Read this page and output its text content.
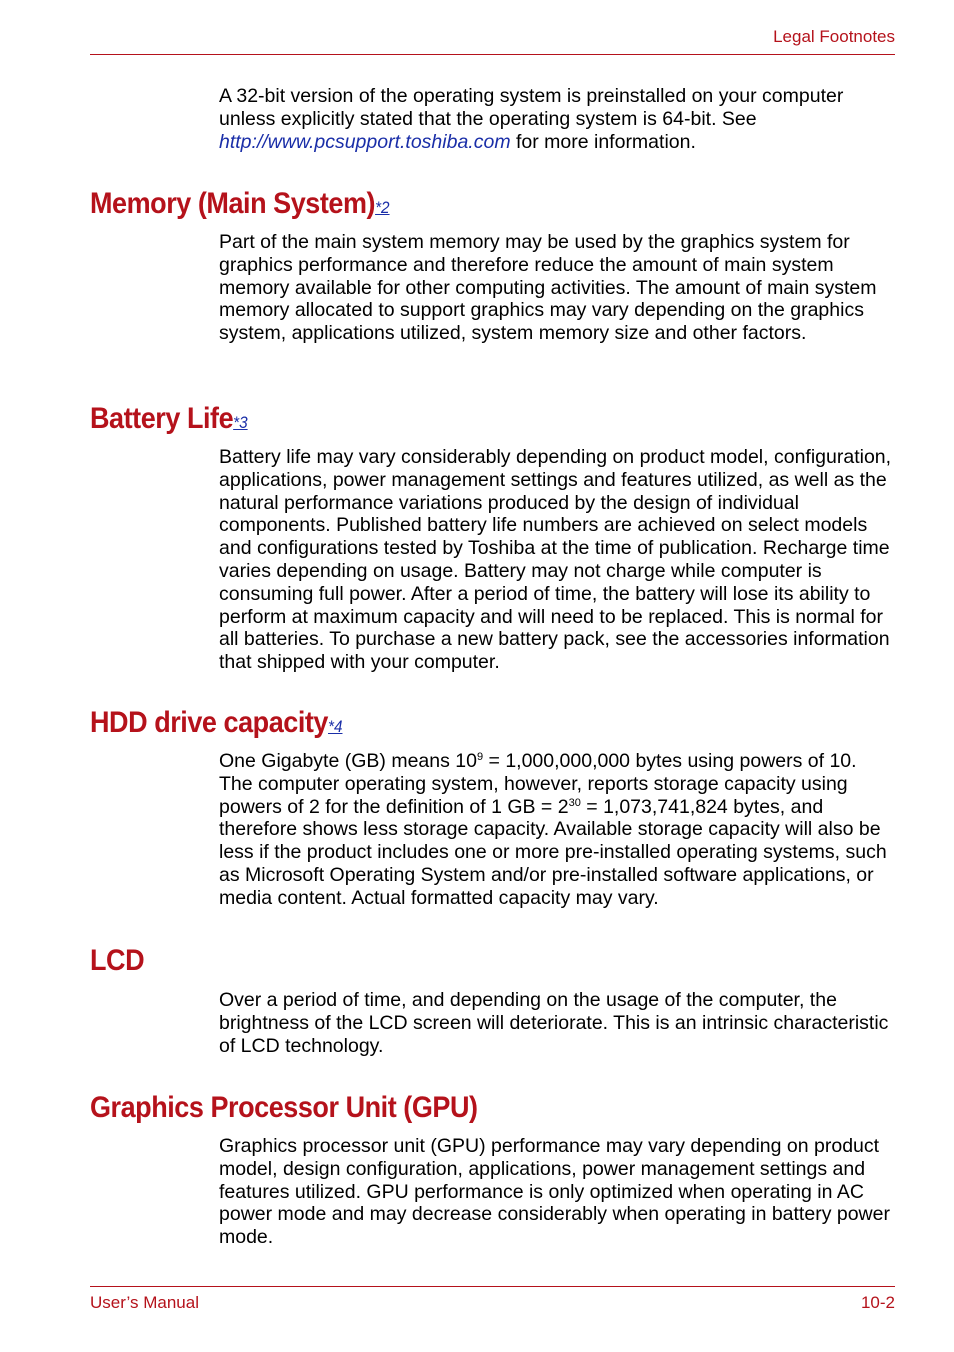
Legal Footnotes

A 32-bit version of the operating system is preinstalled on your computer unless explicitly stated that the operating system is 64-bit. See http://www.pcsupport.toshiba.com for more information.

Memory (Main System)*2

Part of the main system memory may be used by the graphics system for graphics performance and therefore reduce the amount of main system memory available for other computing activities. The amount of main system memory allocated to support graphics may vary depending on the graphics system, applications utilized, system memory size and other factors.

Battery Life*3

Battery life may vary considerably depending on product model, configuration, applications, power management settings and features utilized, as well as the natural performance variations produced by the design of individual components. Published battery life numbers are achieved on select models and configurations tested by Toshiba at the time of publication. Recharge time varies depending on usage. Battery may not charge while computer is consuming full power. After a period of time, the battery will lose its ability to perform at maximum capacity and will need to be replaced. This is normal for all batteries. To purchase a new battery pack, see the accessories information that shipped with your computer.

HDD drive capacity*4

One Gigabyte (GB) means $10^9 = 1,000,000,000$ bytes using powers of 10. The computer operating system, however, reports storage capacity using powers of 2 for the definition of 1 GB = $2^{30} = 1,073,741,824$ bytes, and therefore shows less storage capacity. Available storage capacity will also be less if the product includes one or more pre-installed operating systems, such as Microsoft Operating System and/or pre-installed software applications, or media content. Actual formatted capacity may vary.

LCD

Over a period of time, and depending on the usage of the computer, the brightness of the LCD screen will deteriorate. This is an intrinsic characteristic of LCD technology.

Graphics Processor Unit (GPU)

Graphics processor unit (GPU) performance may vary depending on product model, design configuration, applications, power management settings and features utilized. GPU performance is only optimized when operating in AC power mode and may decrease considerably when operating in battery power mode.

User’s Manual	10-2
